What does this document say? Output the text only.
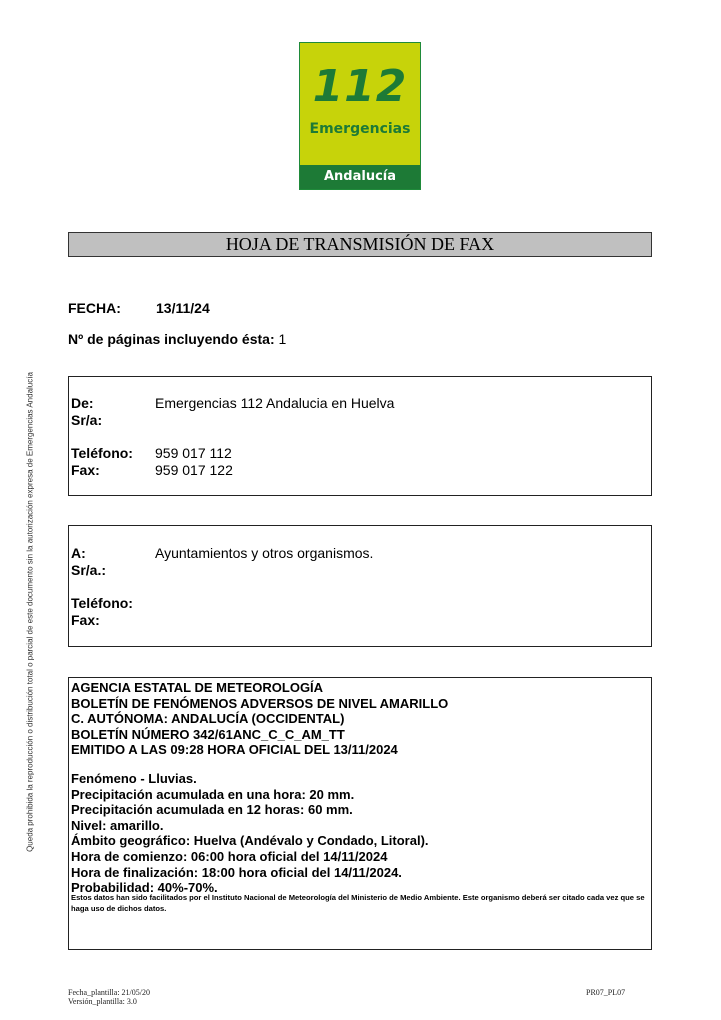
112
Emergencias
Andalucía
HOJA DE TRANSMISIÓN DE FAX
FECHA:	13/11/24
Nº de páginas incluyendo ésta: 1
De:	Emergencias 112 Andalucia en Huelva
Sr/a:
Teléfono: 959 017 112
Fax:	959 017 122
A:	Ayuntamientos y otros organismos.
Sr/a.:
Teléfono:
Fax:
AGENCIA ESTATAL DE METEOROLOGÍA
BOLETÍN DE FENÓMENOS ADVERSOS DE NIVEL AMARILLO
C. AUTÓNOMA: ANDALUCÍA (OCCIDENTAL)
BOLETÍN NÚMERO 342/61ANC_C_C_AM_TT
EMITIDO A LAS 09:28 HORA OFICIAL DEL 13/11/2024
Fenómeno - Lluvias.
Precipitación acumulada en una hora: 20 mm.
Precipitación acumulada en 12 horas: 60 mm.
Nivel: amarillo.
Ámbito geográfico: Huelva (Andévalo y Condado, Litoral).
Hora de comienzo: 06:00 hora oficial del 14/11/2024
Hora de finalización: 18:00 hora oficial del 14/11/2024.
Probabilidad: 40%-70%.
Estos datos han sido facilitados por el Instituto Nacional de Meteorología del Ministerio de Medio Ambiente. Este organismo deberá ser citado cada vez que se haga uso de dichos datos.
Queda prohibida la reproducción o distribución total o parcial de este documento sin la autorización expresa de Emergencias Andalucía
Fecha_plantilla: 21/05/20
Versión_plantilla: 3.0
PR07_PL07
